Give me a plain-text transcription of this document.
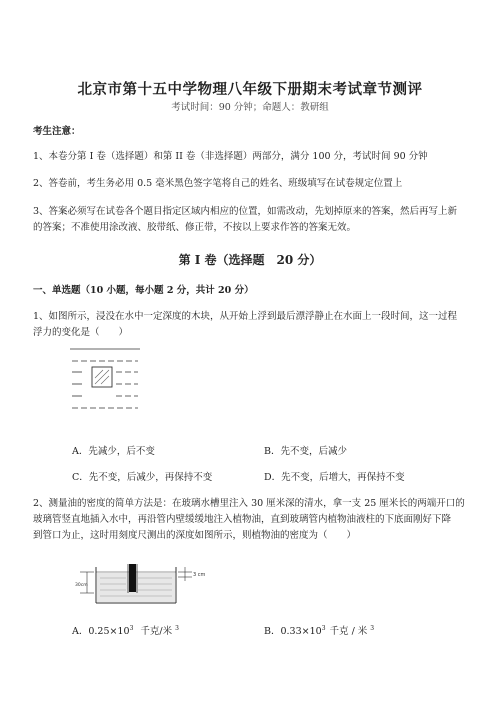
北京市第十五中学物理八年级下册期末考试章节测评
考试时间：90 分钟；命题人：教研组
考生注意：
1、本卷分第 I 卷（选择题）和第 II 卷（非选择题）两部分，满分 100 分，考试时间 90 分钟
2、答卷前，考生务必用 0.5 毫米黑色签字笔将自己的姓名、班级填写在试卷规定位置上
3、答案必须写在试卷各个题目指定区域内相应的位置，如需改动，先划掉原来的答案，然后再写上新
的答案；不准使用涂改液、胶带纸、修正带，不按以上要求作答的答案无效。
第 I 卷（选择题　20 分）
一、单选题（10 小题，每小题 2 分，共计 20 分）
1、如图所示，浸没在水中一定深度的木块，从开始上浮到最后漂浮静止在水面上一段时间，这一过程
浮力的变化是（　　）
A．先减少，后不变	B．先不变，后减少
C．先不变，后减少，再保持不变	D．先不变，后增大，再保持不变
2、测量油的密度的简单方法是：在玻璃水槽里注入 30 厘米深的清水，拿一支 25 厘米长的两端开口的
玻璃管竖直地插入水中，再沿管内壁缓缓地注入植物油，直到玻璃管内植物油液柱的下底面刚好下降
到管口为止，这时用刻度尺测出的深度如图所示，则植物油的密度为（　　）
30cm
3 cm
A．$0.25\times 10^3$ 千克/米 $^3$	B．$0.33\times 10^3$ 千克 / 米 $^3$
